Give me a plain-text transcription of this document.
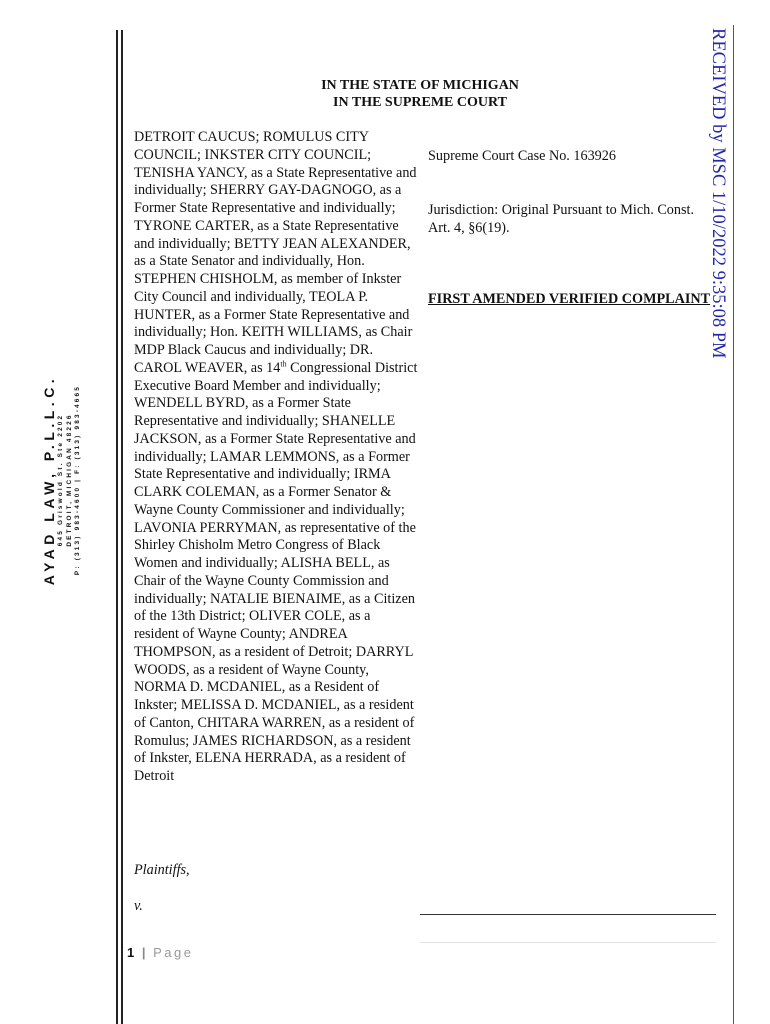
AYAD LAW, P.L.L.C. 645 Griswold St. Ste 2202 DETROIT, MICHIGAN 48226 P: (313) 983-4600 | F: (313) 983-4665
RECEIVED by MSC 1/10/2022 9:35:08 PM
IN THE STATE OF MICHIGAN
IN THE SUPREME COURT
DETROIT CAUCUS; ROMULUS CITY COUNCIL; INKSTER CITY COUNCIL; TENISHA YANCY, as a State Representative and individually; SHERRY GAY-DAGNOGO, as a Former State Representative and individually; TYRONE CARTER, as a State Representative and individually; BETTY JEAN ALEXANDER, as a State Senator and individually, Hon. STEPHEN CHISHOLM, as member of Inkster City Council and individually, TEOLA P. HUNTER, as a Former State Representative and individually; Hon. KEITH WILLIAMS, as Chair MDP Black Caucus and individually; DR. CAROL WEAVER, as 14th Congressional District Executive Board Member and individually; WENDELL BYRD, as a Former State Representative and individually; SHANELLE JACKSON, as a Former State Representative and individually; LAMAR LEMMONS, as a Former State Representative and individually; IRMA CLARK COLEMAN, as a Former Senator & Wayne County Commissioner and individually; LAVONIA PERRYMAN, as representative of the Shirley Chisholm Metro Congress of Black Women and individually; ALISHA BELL, as Chair of the Wayne County Commission and individually; NATALIE BIENAIME, as a Citizen of the 13th District; OLIVER COLE, as a resident of Wayne County; ANDREA THOMPSON, as a resident of Detroit; DARRYL WOODS, as a resident of Wayne County, NORMA D. MCDANIEL, as a Resident of Inkster; MELISSA D. MCDANIEL, as a resident of Canton, CHITARA WARREN, as a resident of Romulus; JAMES RICHARDSON, as a resident of Inkster, ELENA HERRADA, as a resident of Detroit
Plaintiffs,
v.
Supreme Court Case No. 163926
Jurisdiction: Original Pursuant to Mich. Const. Art. 4, §6(19).
FIRST AMENDED VERIFIED COMPLAINT
1 | Page
